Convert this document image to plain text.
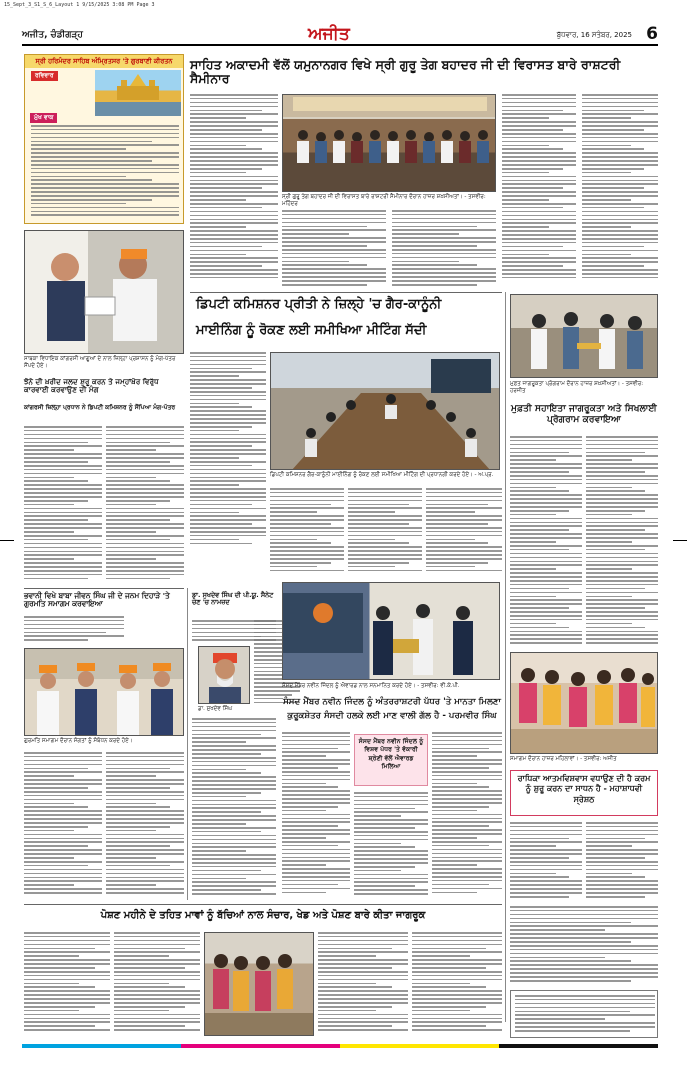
15_Sept_3_S1_S_6_Layout 1 9/15/2025 3:08 PM Page 3
ਅਜੀਤ, ਚੰਡੀਗੜ੍ਹ	ਅਜੀਤ	ਬੁੱਧਵਾਰ, 16 ਸਤੰਬਰ, 2025 6
ਸ੍ਰੀ ਹਰਿਮੰਦਰ ਸਾਹਿਬ ਅੰਮ੍ਰਿਤਸਰ 'ਤੇ ਗੁਰਬਾਣੀ ਕੀਰਤਨ
ਰਵਿਵਾਰ
ਮੁੱਖ ਵਾਕ
ਸਾਹਿਤ ਅਕਾਦਮੀ ਵੱਲੋਂ ਯਮੁਨਾਨਗਰ ਵਿਖੇ ਸ੍ਰੀ ਗੁਰੂ ਤੇਗ ਬਹਾਦਰ ਜੀ ਦੀ ਵਿਰਾਸਤ ਬਾਰੇ ਰਾਸ਼ਟਰੀ ਸੈਮੀਨਾਰ
ਸ੍ਰੀ ਗੁਰੂ ਤੇਗ ਬਹਾਦਰ ਜੀ ਦੀ ਵਿਰਾਸਤ ਬਾਰੇ ਰਾਸ਼ਟਰੀ ਸੈਮੀਨਾਰ ਦੌਰਾਨ ਹਾਜ਼ਰ ਸ਼ਖ਼ਸੀਅਤਾਂ। - ਤਸਵੀਰ: ਮਹਿੰਦਰ
ਸਾਬਕਾ ਵਿਧਾਇਕ ਕਾਂਗਰਸੀ ਆਗੂਆਂ ਦੇ ਨਾਲ ਜ਼ਿਲ੍ਹਾ ਪ੍ਰਸ਼ਾਸਨ ਨੂੰ ਮੰਗ-ਪੱਤਰ ਸੌਂਪਦੇ ਹੋਏ।
ਝੋਨੇ ਦੀ ਖ਼ਰੀਦ ਜਲਦ ਸ਼ੁਰੂ ਕਰਨ ਤੇ ਜਮ੍ਹਾਂਖ਼ੋਰ ਵਿਰੁੱਧ ਕਾਰਵਾਈ ਕਰਵਾਉਣ ਦੀ ਮੰਗ
ਕਾਂਗਰਸੀ ਜ਼ਿਲ੍ਹਾ ਪ੍ਰਧਾਨ ਨੇ ਡਿਪਟੀ ਕਮਿਸ਼ਨਰ ਨੂੰ ਸੌਂਪਿਆ ਮੰਗ-ਪੱਤਰ
ਡਿਪਟੀ ਕਮਿਸ਼ਨਰ ਪ੍ਰੀਤੀ ਨੇ ਜ਼ਿਲ੍ਹੇ 'ਚ ਗੈਰ-ਕਾਨੂੰਨੀ
ਮਾਈਨਿੰਗ ਨੂੰ ਰੋਕਣ ਲਈ ਸਮੀਖਿਆ ਮੀਟਿੰਗ ਸੱਦੀ
ਡਿਪਟੀ ਕਮਿਸ਼ਨਰ ਗੈਰ-ਕਾਨੂੰਨੀ ਮਾਈਨਿੰਗ ਨੂੰ ਰੋਕਣ ਲਈ ਸਮੀਖਿਆ ਮੀਟਿੰਗ ਦੀ ਪ੍ਰਧਾਨਗੀ ਕਰਦੇ ਹੋਏ। - ਅ.ਪ੍ਰ.
ਮੁਫ਼ਤ ਜਾਗਰੂਕਤਾ ਪ੍ਰੋਗਰਾਮ ਦੌਰਾਨ ਹਾਜ਼ਰ ਸ਼ਖ਼ਸੀਅਤਾਂ। - ਤਸਵੀਰ: ਹਰਜੀਤ
ਮੁਫ਼ਤੀ ਸਹਾਇਤਾ ਜਾਗਰੂਕਤਾ ਅਤੇ ਸਿਖਲਾਈ ਪ੍ਰੋਗਰਾਮ ਕਰਵਾਇਆ
ਭਵਾਨੀ ਵਿਖੇ ਬਾਬਾ ਜੀਵਨ ਸਿੰਘ ਜੀ ਦੇ ਜਨਮ ਦਿਹਾੜੇ 'ਤੇ ਗੁਰਮਤਿ ਸਮਾਗਮ ਕਰਵਾਇਆ
ਗੁਰਮਤਿ ਸਮਾਗਮ ਦੌਰਾਨ ਸੰਗਤਾਂ ਨੂੰ ਸੰਬੋਧਨ ਕਰਦੇ ਹੋਏ।
ਡਾ. ਸੁਖਦੇਵ ਸਿੰਘ ਦੀ ਪੀ.ਯੂ. ਸੈਨੇਟ ਚੋਣ 'ਚ ਨਾਮਜ਼ਦ
ਡਾ. ਸੁਖਦੇਵ ਸਿੰਘ
ਸੰਸਦ ਮੈਂਬਰ ਨਵੀਨ ਜਿੰਦਲ ਨੂੰ ਐਵਾਰਡ ਨਾਲ ਸਨਮਾਨਿਤ ਕਰਦੇ ਹੋਏ। - ਤਸਵੀਰ: ਵੀ.ਕੇ.ਪੀ.
ਸੰਸਦ ਮੈਂਬਰ ਨਵੀਨ ਜਿੰਦਲ ਨੂੰ ਅੰਤਰਰਾਸ਼ਟਰੀ ਪੱਧਰ 'ਤੇ ਮਾਨਤਾ ਮਿਲਣਾ
ਕੁਰੂਕਸ਼ੇਤਰ ਸੰਸਦੀ ਹਲਕੇ ਲਈ ਮਾਣ ਵਾਲੀ ਗੱਲ ਹੈ - ਪਰਮਵੀਰ ਸਿੰਘ
ਸੰਸਦ ਮੈਂਬਰ ਨਵੀਨ ਜਿੰਦਲ ਨੂੰ ਵਿਸ਼ਵ ਪੱਧਰ 'ਤੇ ਵੱਕਾਰੀ ਸ਼੍ਰੇਣੀ ਵੱਲੋਂ ਐਵਾਰਡ ਮਿਲਿਆ
ਸਮਾਗਮ ਦੌਰਾਨ ਹਾਜ਼ਰ ਮਹਿਲਾਵਾਂ। - ਤਸਵੀਰ: ਅਜੀਤ
ਰਾਧਿਕਾ ਆਤਮਵਿਸ਼ਵਾਸ ਵਧਾਉਣ ਦੀ ਹੈ ਕਰਮ ਨੂੰ ਸ਼ੁਰੂ ਕਰਨ ਦਾ ਸਾਧਨ ਹੈ - ਮਹਾਸ਼ਾਧਵੀ ਸ੍ਰੇਸ਼ਠ
ਪੋਸ਼ਣ ਮਹੀਨੇ ਦੇ ਤਹਿਤ ਮਾਵਾਂ ਨੂੰ ਬੱਚਿਆਂ ਨਾਲ ਸੰਚਾਰ, ਖੇਡ ਅਤੇ ਪੋਸ਼ਣ ਬਾਰੇ ਕੀਤਾ ਜਾਗਰੂਕ
